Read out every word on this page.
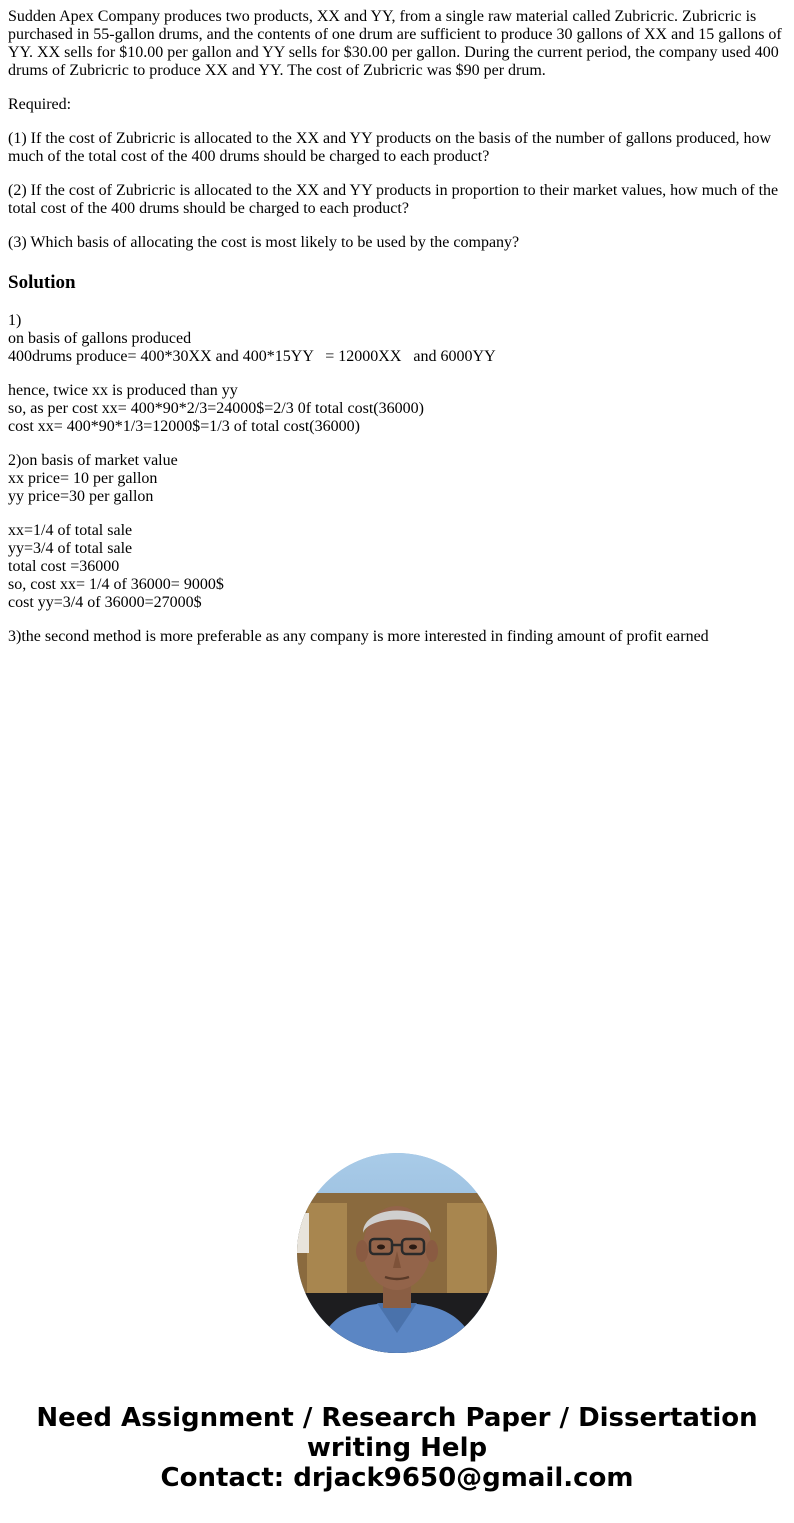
Sudden Apex Company produces two products, XX and YY, from a single raw material called Zubricric. Zubricric is purchased in 55-gallon drums, and the contents of one drum are sufficient to produce 30 gallons of XX and 15 gallons of YY. XX sells for $10.00 per gallon and YY sells for $30.00 per gallon. During the current period, the company used 400 drums of Zubricric to produce XX and YY. The cost of Zubricric was $90 per drum.

Required:

(1) If the cost of Zubricric is allocated to the XX and YY products on the basis of the number of gallons produced, how much of the total cost of the 400 drums should be charged to each product?

(2) If the cost of Zubricric is allocated to the XX and YY products in proportion to their market values, how much of the total cost of the 400 drums should be charged to each product?

(3) Which basis of allocating the cost is most likely to be used by the company?

Solution

1)
on basis of gallons produced
400drums produce= 400*30XX and 400*15YY   = 12000XX   and 6000YY

hence, twice xx is produced than yy
so, as per cost xx= 400*90*2/3=24000$=2/3 0f total cost(36000)
cost xx= 400*90*1/3=12000$=1/3 of total cost(36000)

2)on basis of market value
xx price= 10 per gallon
yy price=30 per gallon

xx=1/4 of total sale
yy=3/4 of total sale
total cost =36000
so, cost xx= 1/4 of 36000= 9000$
cost yy=3/4 of 36000=27000$

3)the second method is more preferable as any company is more interested in finding amount of profit earned

Need Assignment / Research Paper / Dissertation
writing Help
Contact: drjack9650@gmail.com
